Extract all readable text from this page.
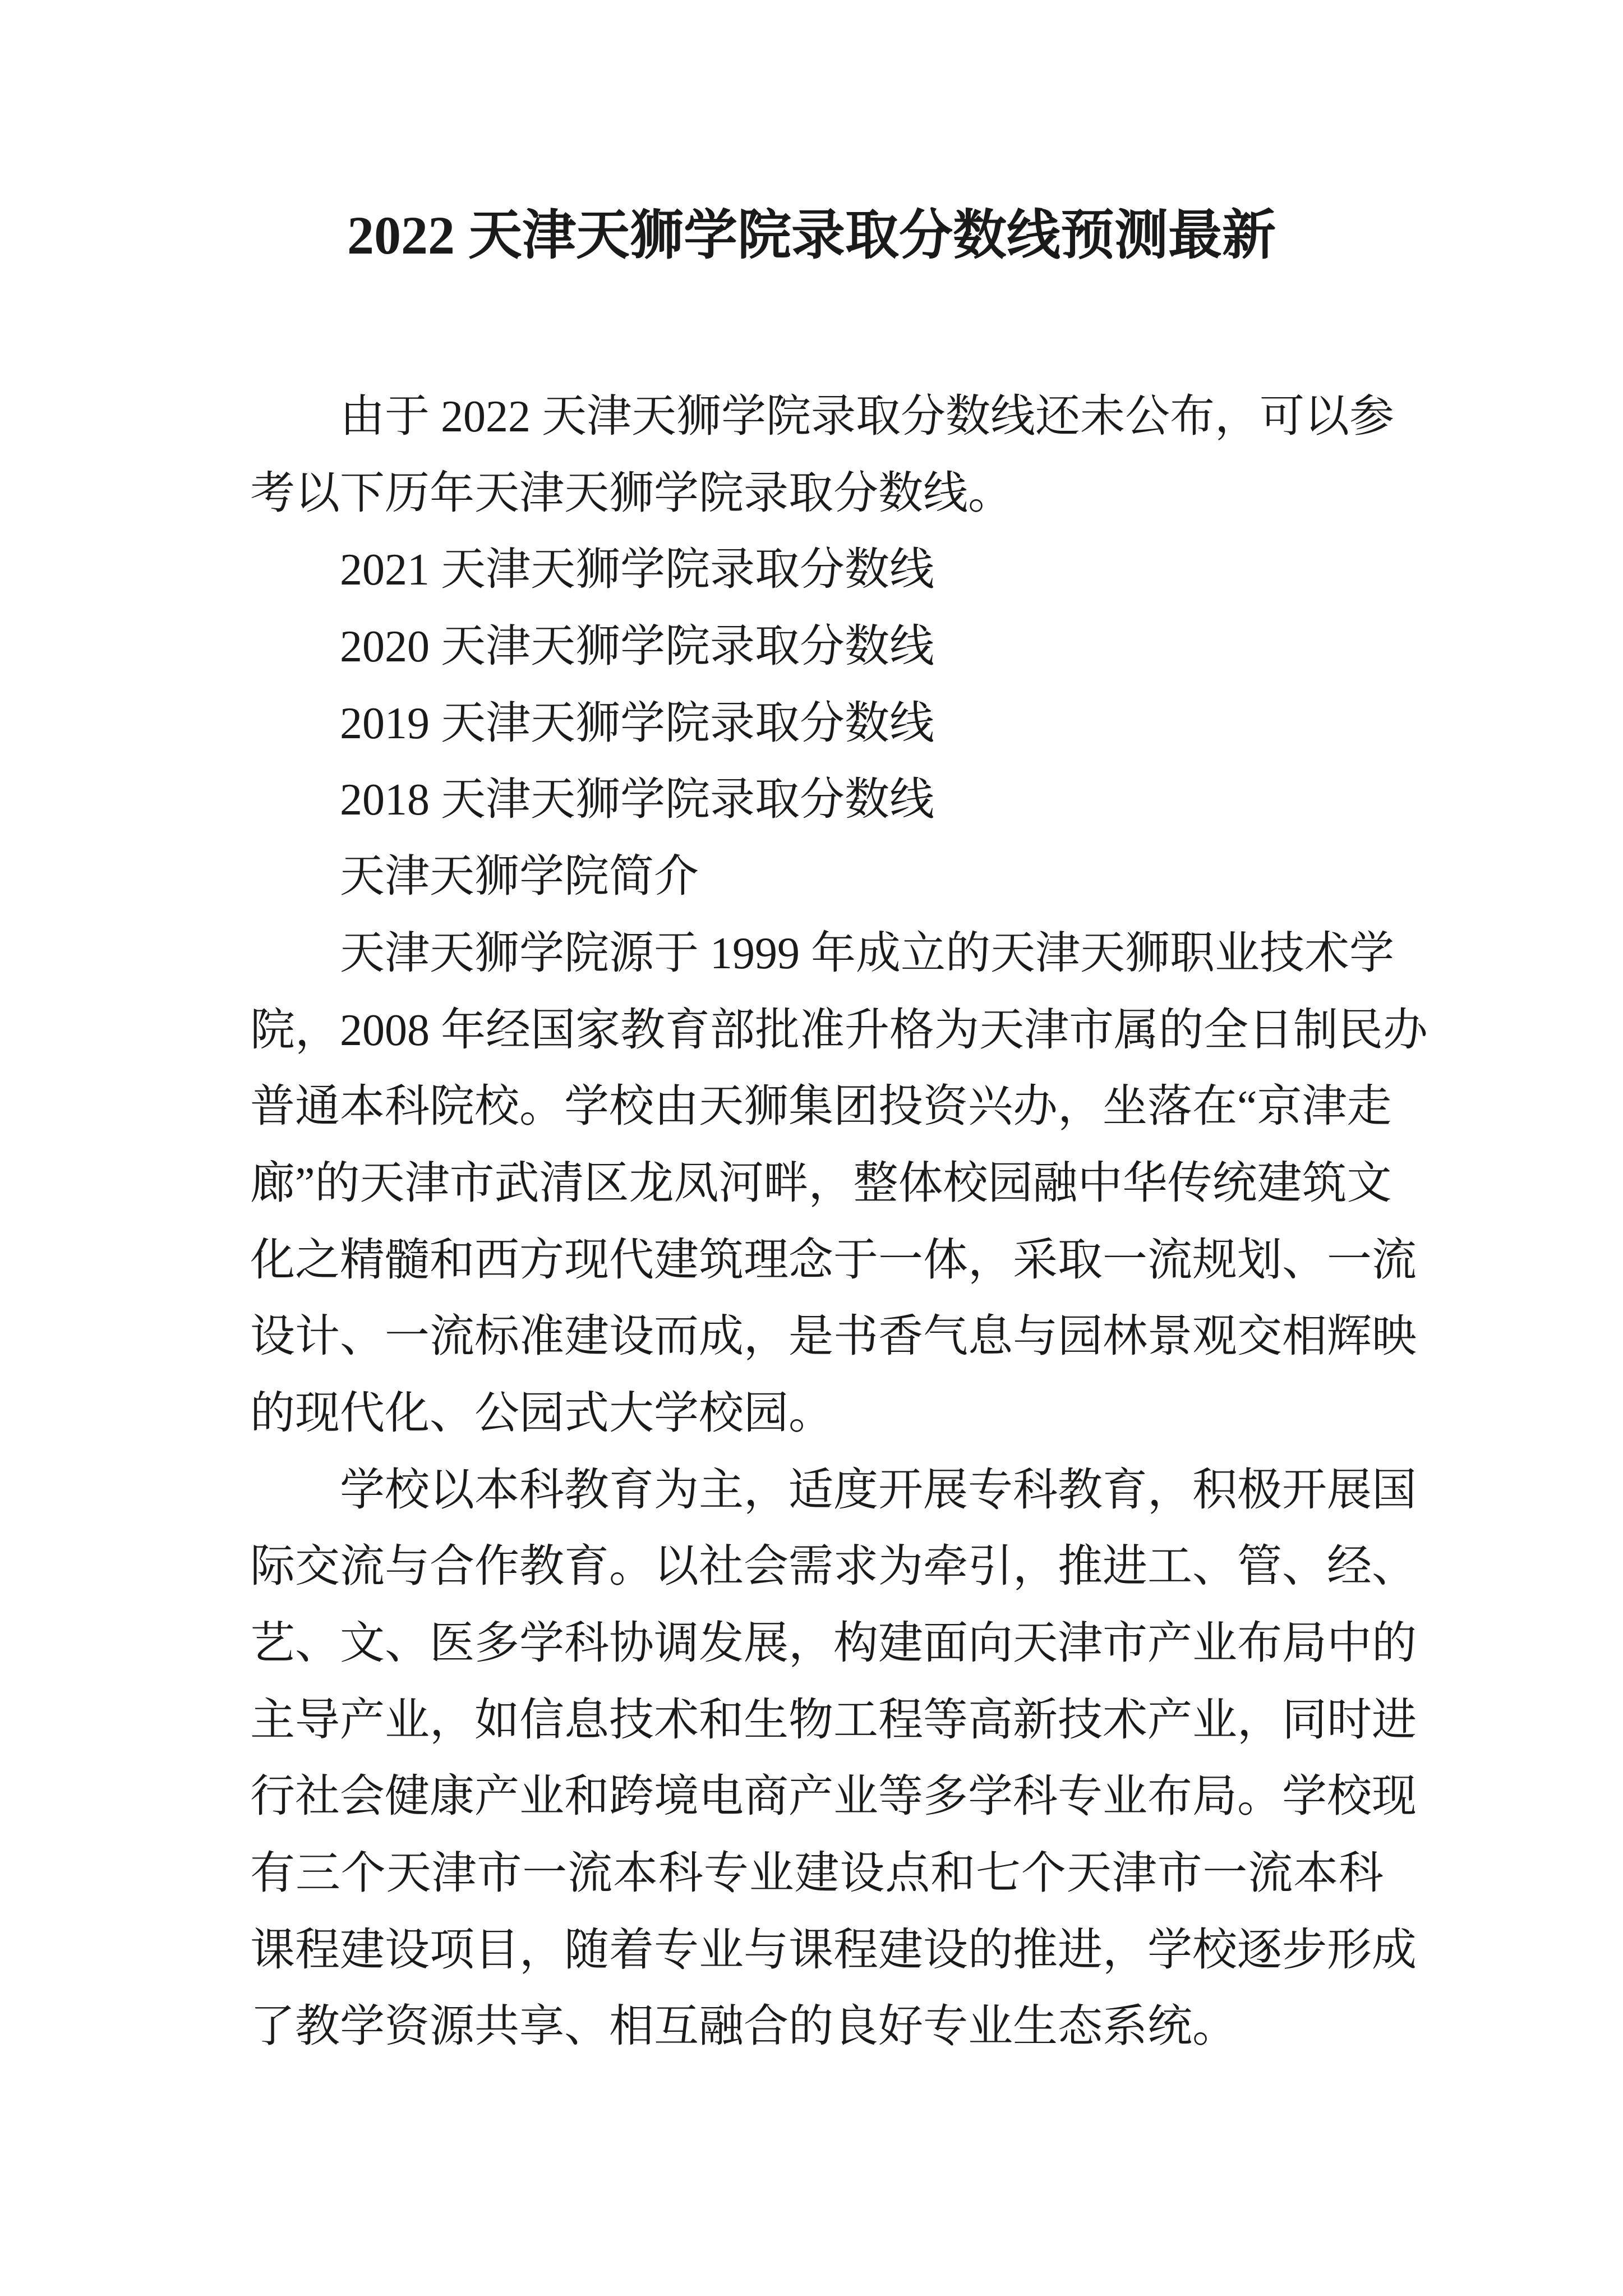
2022 天津天狮学院录取分数线预测最新
由于 2022 天津天狮学院录取分数线还未公布，可以参
考以下历年天津天狮学院录取分数线。
2021 天津天狮学院录取分数线
2020 天津天狮学院录取分数线
2019 天津天狮学院录取分数线
2018 天津天狮学院录取分数线
天津天狮学院简介
天津天狮学院源于 1999 年成立的天津天狮职业技术学
院，2008 年经国家教育部批准升格为天津市属的全日制民办
普通本科院校。学校由天狮集团投资兴办，坐落在“京津走
廊”的天津市武清区龙凤河畔，整体校园融中华传统建筑文
化之精髓和西方现代建筑理念于一体，采取一流规划、一流
设计、一流标准建设而成，是书香气息与园林景观交相辉映
的现代化、公园式大学校园。
学校以本科教育为主，适度开展专科教育，积极开展国
际交流与合作教育。以社会需求为牵引，推进工、管、经、
艺、文、医多学科协调发展，构建面向天津市产业布局中的
主导产业，如信息技术和生物工程等高新技术产业，同时进
行社会健康产业和跨境电商产业等多学科专业布局。学校现
有三个天津市一流本科专业建设点和七个天津市一流本科
课程建设项目，随着专业与课程建设的推进，学校逐步形成
了教学资源共享、相互融合的良好专业生态系统。
